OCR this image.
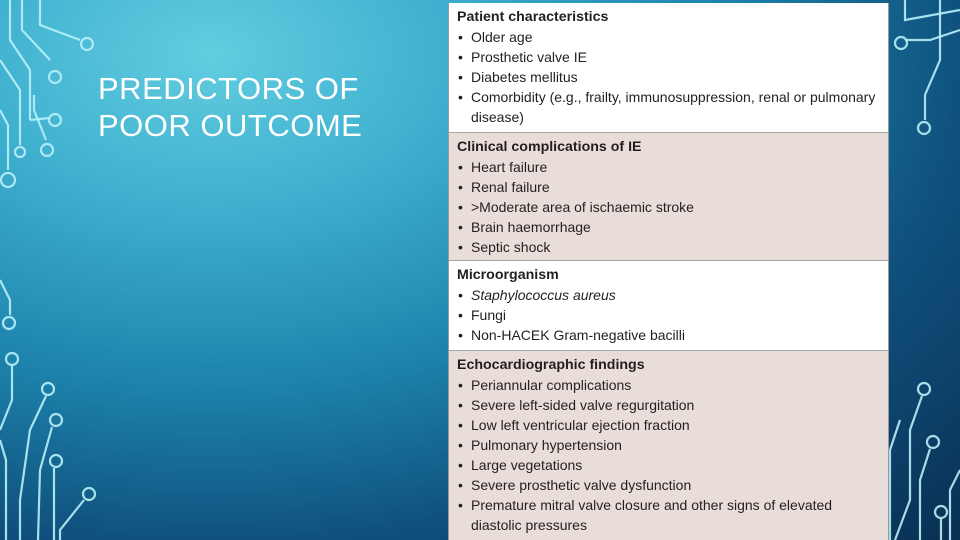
PREDICTORS OF
POOR OUTCOME
Patient characteristics
• Older age
• Prosthetic valve IE
• Diabetes mellitus
• Comorbidity (e.g., frailty, immunosuppression, renal or pulmonary disease)
Clinical complications of IE
• Heart failure
• Renal failure
• >Moderate area of ischaemic stroke
• Brain haemorrhage
• Septic shock
Microorganism
• Staphylococcus aureus
• Fungi
• Non-HACEK Gram-negative bacilli
Echocardiographic findings
• Periannular complications
• Severe left-sided valve regurgitation
• Low left ventricular ejection fraction
• Pulmonary hypertension
• Large vegetations
• Severe prosthetic valve dysfunction
• Premature mitral valve closure and other signs of elevated diastolic pressures
